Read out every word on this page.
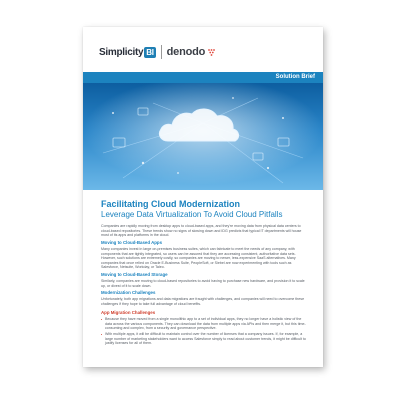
Simplicity BI denodo
Solution Brief
Facilitating Cloud Modernization
Leverage Data Virtualization To Avoid Cloud Pitfalls
Companies are rapidly moving from desktop apps to cloud-based apps, and they're moving data from physical data centers to cloud-based repositories. These trends show no signs of slowing down and IDG predicts that typical IT departments will house most of its apps and platforms in the cloud.
Moving to Cloud-Based Apps
Many companies invest in large on-premises business suites, which can fabricate to meet the needs of any company, with components that are tightly integrated, so users can be assured that they are accessing consistent, authoritative data sets. However, such solutions are extremely costly, so companies are moving to newer, less-expensive SaaS alternatives. Many companies that once relied on Oracle E-Business Suite, PeopleSoft, or Siebel are now experimenting with tools such as Salesforce, Netsuite, Workday, or Taleo.
Moving to Cloud-Based Storage
Similarly, companies are moving to cloud-based repositories to avoid having to purchase new hardware, and provision it to scale up, or divest of it to scale down.
Modernization Challenges
Unfortunately, both app migrations and data migrations are fraught with challenges, and companies will need to overcome these challenges if they hope to take full advantage of cloud benefits.
App Migration Challenges
Because they have moved from a single monolithic app to a set of individual apps, they no longer have a holistic view of the data across the various components. They can download the data from multiple apps via APIs and then merge it, but this time-consuming and complex, from a security and governance perspective.
With multiple apps, it will be difficult to maintain control over the number of licenses that a company issues. If, for example, a large number of marketing stakeholders want to access Salesforce simply to read about customer trends, it might be difficult to justify licenses for all of them.
